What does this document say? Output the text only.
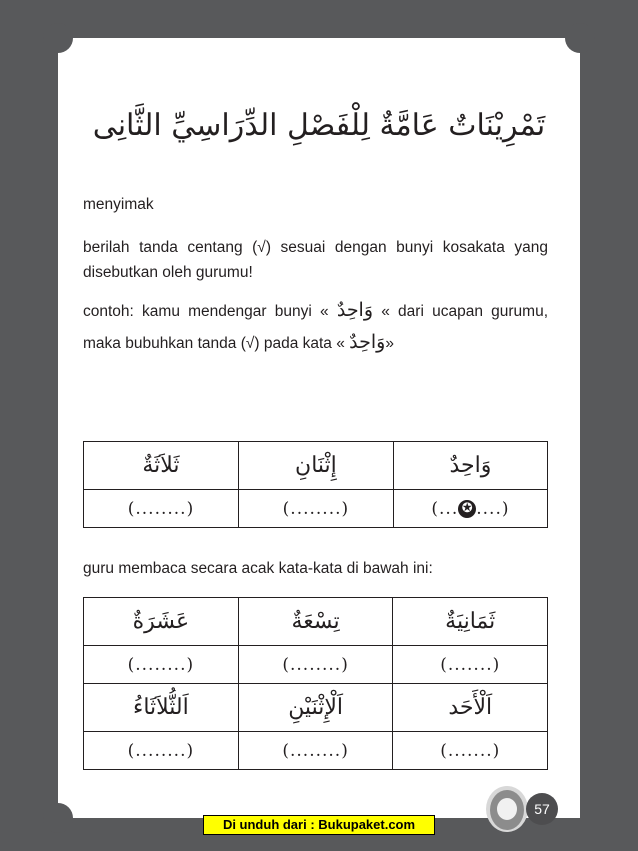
تَمْرِيْنَاتٌ عَامَّةٌ لِلْفَصْلِ الدِّرَاسِيِّ الثَّانِى
menyimak
berilah tanda centang (√) sesuai dengan bunyi kosakata yang disebutkan oleh gurumu!
contoh: kamu mendengar bunyi « وَاحِدٌ « dari ucapan gurumu, maka bubuhkan tanda (√) pada kata « وَاحِدٌ»
ثَلاَثَةٌ	إِثْنَانِ	وَاحِدٌ
(........)	(........)	(... ✪ ....)
guru membaca secara acak kata-kata di bawah ini:
عَشَرَةٌ	تِسْعَةٌ	ثَمَانِيَةٌ
(........)	(........)	(.......)
اَلثُّلاَثَاءُ	اَلْإِثْنَيْنِ	اَلْأَحَد
(........)	(........)	(.......)
Buku Siswa Kelas 1 MI	57
Di unduh dari : Bukupaket.com
